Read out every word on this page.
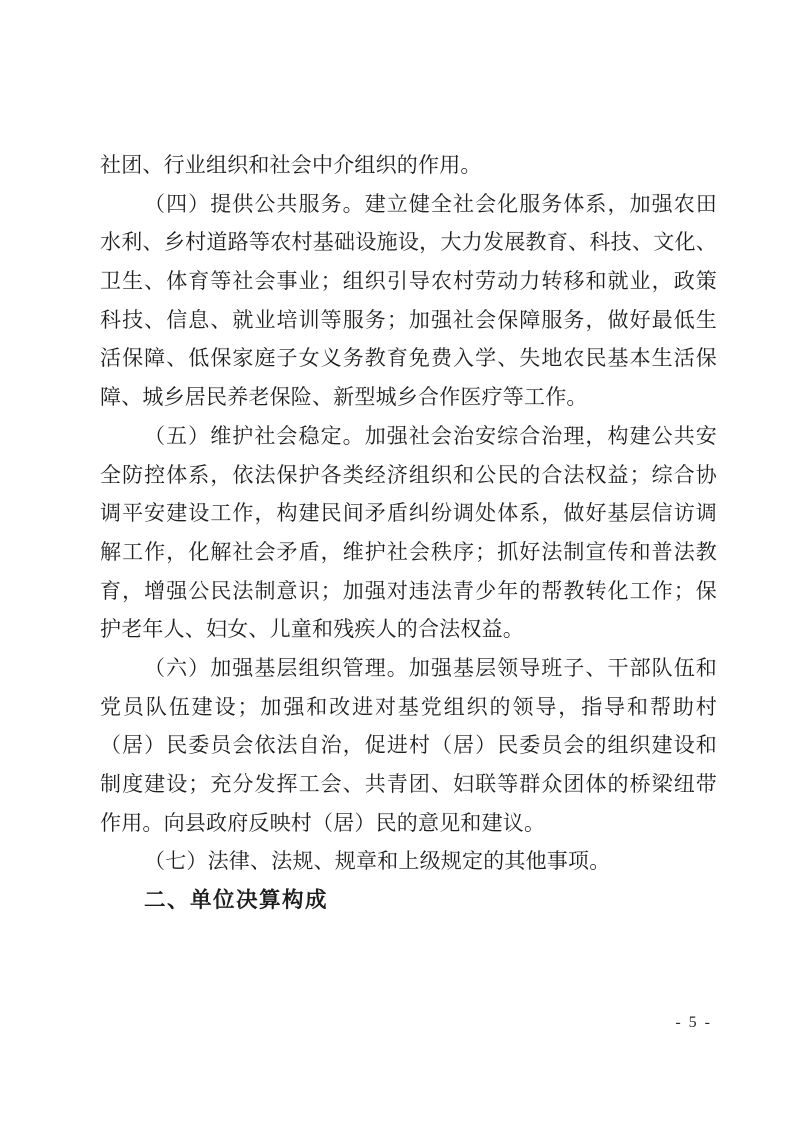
社团、行业组织和社会中介组织的作用。
（四）提供公共服务。建立健全社会化服务体系，加强农田
水利、乡村道路等农村基础设施设，大力发展教育、科技、文化、
卫生、体育等社会事业；组织引导农村劳动力转移和就业，政策
科技、信息、就业培训等服务；加强社会保障服务，做好最低生
活保障、低保家庭子女义务教育免费入学、失地农民基本生活保
障、城乡居民养老保险、新型城乡合作医疗等工作。
（五）维护社会稳定。加强社会治安综合治理，构建公共安
全防控体系，依法保护各类经济组织和公民的合法权益；综合协
调平安建设工作，构建民间矛盾纠纷调处体系，做好基层信访调
解工作，化解社会矛盾，维护社会秩序；抓好法制宣传和普法教
育，增强公民法制意识；加强对违法青少年的帮教转化工作；保
护老年人、妇女、儿童和残疾人的合法权益。
（六）加强基层组织管理。加强基层领导班子、干部队伍和
党员队伍建设；加强和改进对基党组织的领导，指导和帮助村
（居）民委员会依法自治，促进村（居）民委员会的组织建设和
制度建设；充分发挥工会、共青团、妇联等群众团体的桥梁纽带
作用。向县政府反映村（居）民的意见和建议。
（七）法律、法规、规章和上级规定的其他事项。
二、单位决算构成
- 5 -
